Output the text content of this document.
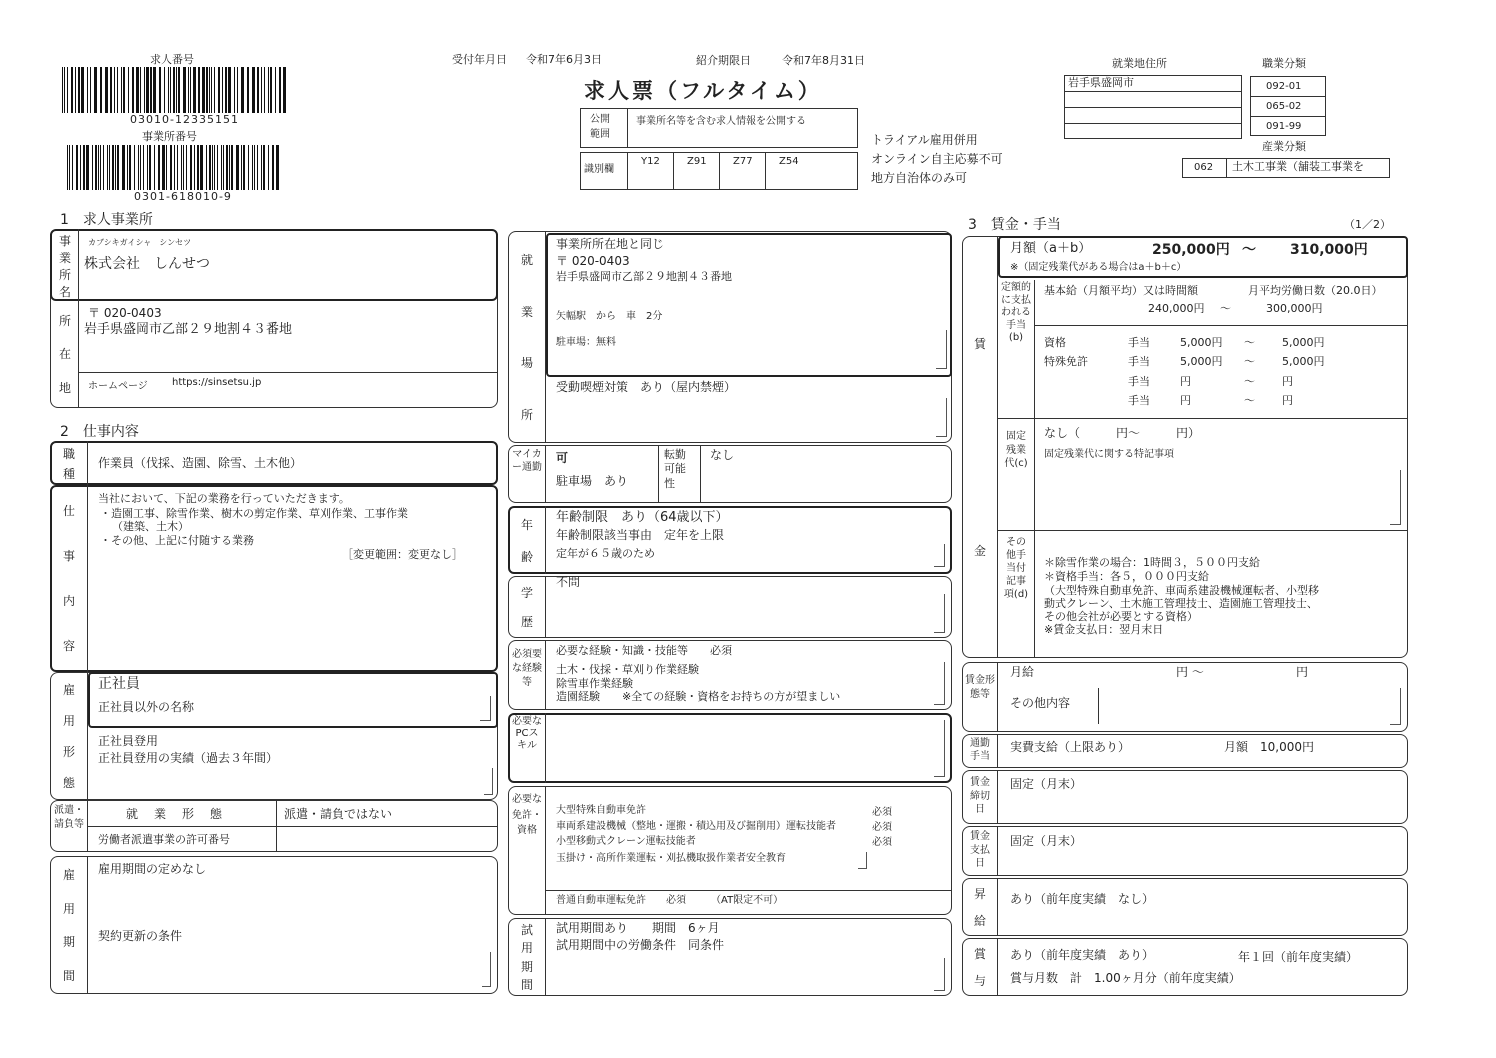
求人番号
03010-12335151
事業所番号
0301-618010-9
受付年月日 令和7年6月3日	紹介期限日	令和7年8月31日
求人票（フルタイム）
公開範囲
事業所名等を含む求人情報を公開する
識別欄
Y12	Z91	Z77	Z54
トライアル雇用併用
オンライン自主応募不可
地方自治体のみ可
就業地住所
岩手県盛岡市
職業分類
092-01
065-02
091-99
産業分類
062 土木工事業（舗装工事業を
1　求人事業所
事
業
所
名
カブシキガイシャ　シンセツ
株式会社　しんせつ
所
在
地
〒 020-0403
岩手県盛岡市乙部２９地割４３番地
ホームページ https://sinsetsu.jp
2　仕事内容
職
種
作業員（伐採、造園、除雪、土木他）
仕
事
内
容
当社において、下記の業務を行っていただきます。
・造園工事、除雪作業、樹木の剪定作業、草刈作業、工事作業
（建築、土木）
・その他、上記に付随する業務
［変更範囲：変更なし］
雇
用
形
態
正社員
正社員以外の名称
正社員登用
正社員登用の実績（過去３年間）
派遣・請負等
就　業　形　態	派遣・請負ではない
労働者派遣事業の許可番号
雇
用
期
間
雇用期間の定めなし
契約更新の条件
就
業
場
所
事業所所在地と同じ
〒 020-0403
岩手県盛岡市乙部２９地割４３番地
矢幅駅　から　車　2分
駐車場：無料
受動喫煙対策　あり（屋内禁煙）
マイカー通勤
可
駐車場　あり
転勤可能性
なし
年
齢
年齢制限　あり（64歳以下）
年齢制限該当事由　定年を上限
定年が６５歳のため
学
歴
不問
必須要な経験等
必要な経験・知識・技能等　　必須
土木・伐採・草刈り作業経験
除雪車作業経験
造園経験　　※全ての経験・資格をお持ちの方が望ましい
必要なPCスキル
必要な免許・資格
大型特殊自動車免許	必須
車両系建設機械（整地・運搬・積込用及び掘削用）運転技能者	必須
小型移動式クレーン運転技能者	必須
玉掛け・高所作業運転・刈払機取扱作業者安全教育
普通自動車運転免許　　必須　　　（AT限定不可）
試
用
期
間
試用期間あり　　期間　6ヶ月
試用期間中の労働条件　同条件
3　賃金・手当	（1／2）
賃
金
月額（a＋b）	250,000円 〜 310,000円
※（固定残業代がある場合はa＋b＋c）
定額的に支払われる手当(b)
基本給（月額平均）又は時間額	月平均労働日数（20.0日）
240,000円 〜	300,000円
資格	手当	5,000円 〜 5,000円
特殊免許	手当	5,000円 〜 5,000円
手当	円	〜 円
手当	円	〜 円
固定残業代(c)
なし（　　　円〜　　　円）
固定残業代に関する特記事項
その他手当付記事項(d)
＊除雪作業の場合：1時間３，５００円支給
＊資格手当：各５，０００円支給
（大型特殊自動車免許、車両系建設機械運転者、小型移
動式クレーン、土木施工管理技士、造園施工管理技士、
その他会社が必要とする資格）
※賃金支払日：翌月末日
賃金形態等
月給	円 〜	円
その他内容
通勤手当
実費支給（上限あり）	月額　10,000円
賃金締切日
固定（月末）
賃金支払日
固定（月末）
昇
給
あり（前年度実績　なし）
賞
与
あり（前年度実績　あり）	年１回（前年度実績）
賞与月数　計　1.00ヶ月分（前年度実績）
